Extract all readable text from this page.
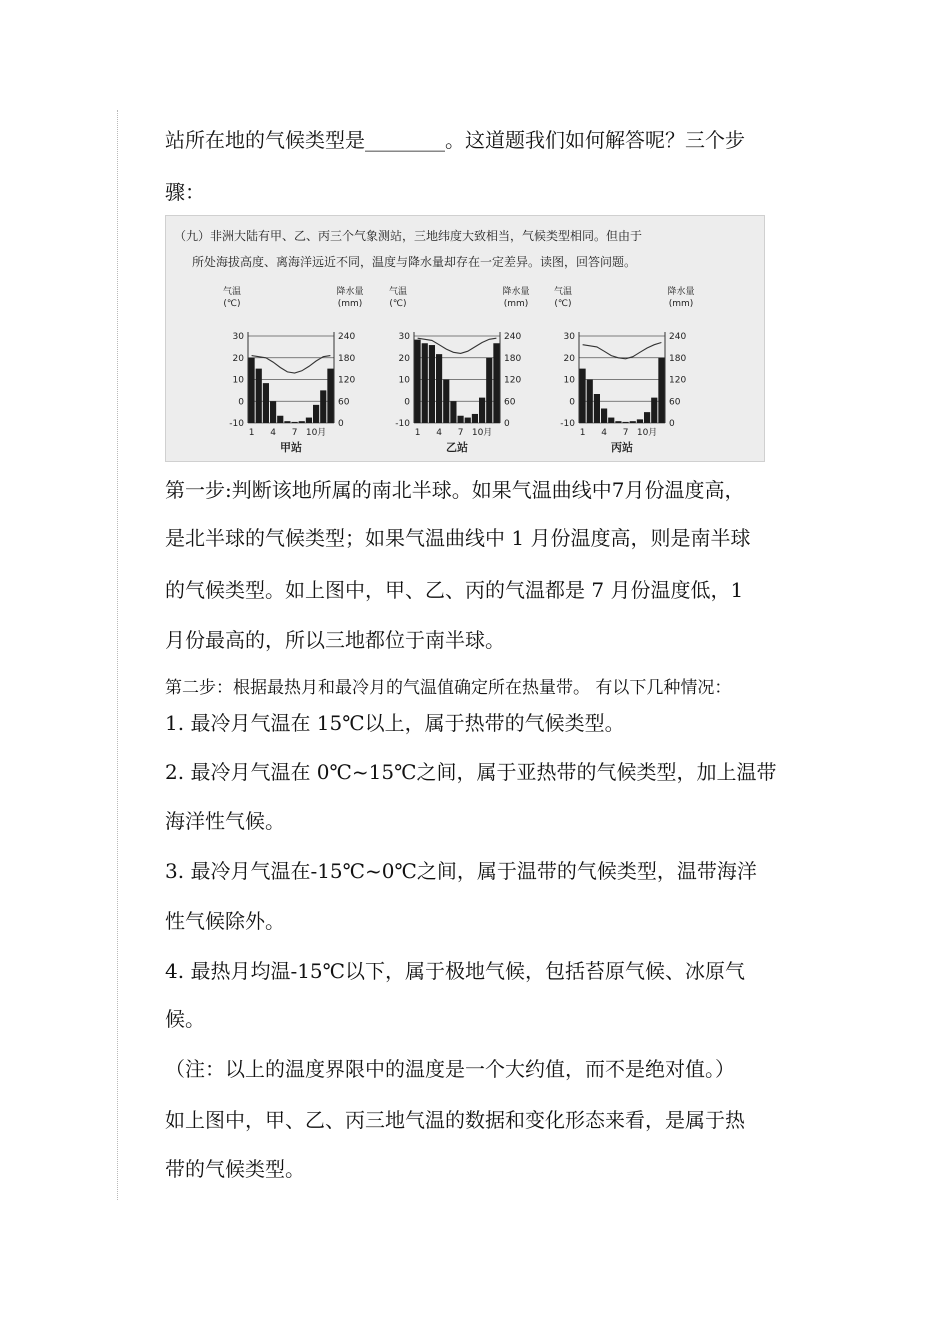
站所在地的气候类型是________。这道题我们如何解答呢？三个步
骤：
（九）非洲大陆有甲、乙、丙三个气象测站，三地纬度大致相当，气候类型相同。但由于
所处海拔高度、离海洋远近不同，温度与降水量却存在一定差异。读图，回答问题。
气温
(℃)
降水量
(mm)
30
20
10
0
-10
240
180
120
60
0
1 4 7 10月
甲站
气温
(℃)
降水量
(mm)
30
20
10
0
-10
240
180
120
60
0
1 4 7 10月
乙站
气温
(℃)
降水量
(mm)
30
20
10
0
-10
240
180
120
60
0
1 4 7 10月
丙站
第一步:判断该地所属的南北半球。如果气温曲线中7月份温度高，
是北半球的气候类型；如果气温曲线中 1 月份温度高，则是南半球
的气候类型。如上图中，甲、乙、丙的气温都是 7 月份温度低，1
月份最高的，所以三地都位于南半球。
第二步：根据最热月和最冷月的气温值确定所在热量带。 有以下几种情况：
1. 最冷月气温在 15℃以上，属于热带的气候类型。
2. 最冷月气温在 0℃~15℃之间，属于亚热带的气候类型，加上温带
海洋性气候。
3. 最冷月气温在-15℃~0℃之间，属于温带的气候类型，温带海洋
性气候除外。
4. 最热月均温-15℃以下，属于极地气候，包括苔原气候、冰原气
候。
（注：以上的温度界限中的温度是一个大约值，而不是绝对值。）
如上图中，甲、乙、丙三地气温的数据和变化形态来看，是属于热
带的气候类型。
